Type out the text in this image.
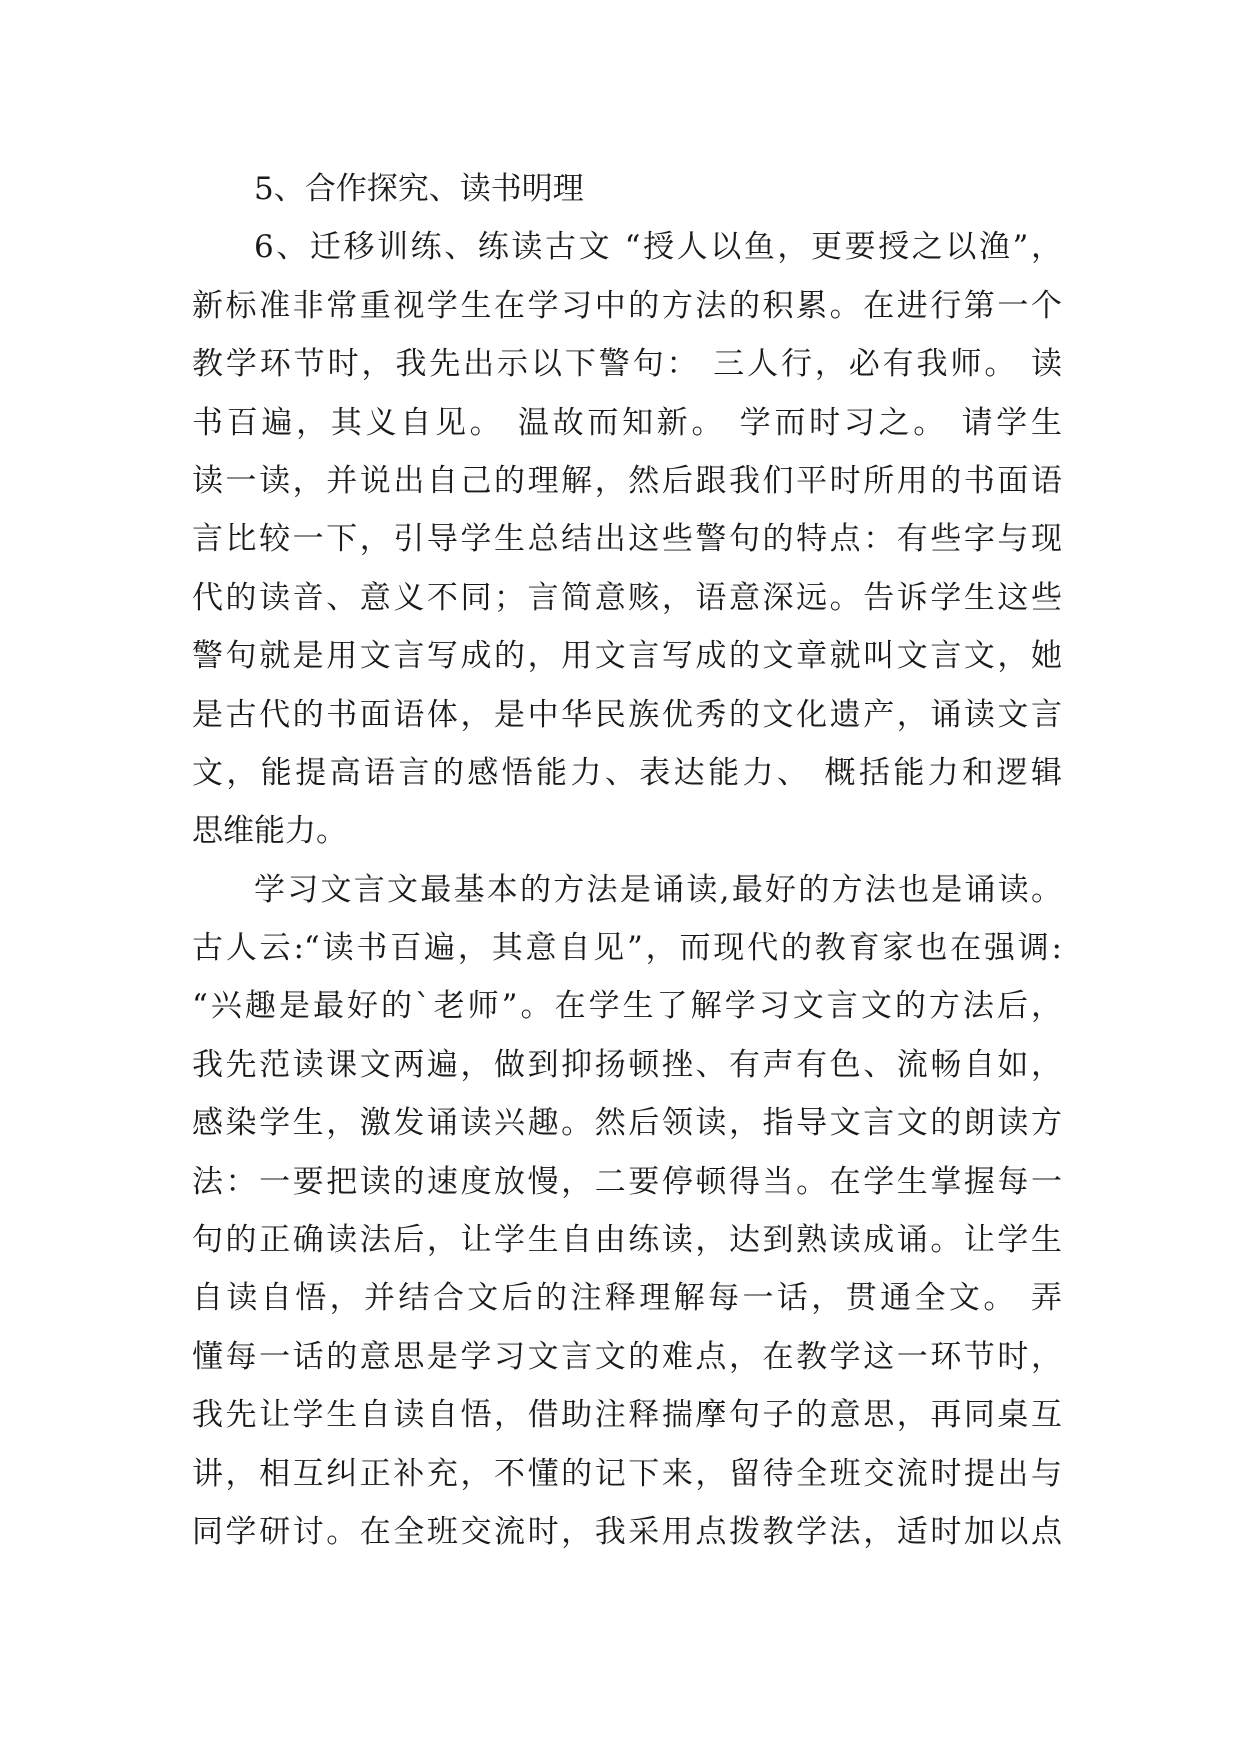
5、合作探究、读书明理
6、迁移训练、练读古文 “授人以鱼，更要授之以渔”，
新标准非常重视学生在学习中的方法的积累。在进行第一个
教学环节时，我先出示以下警句： 三人行，必有我师。 读
书百遍，其义自见。 温故而知新。 学而时习之。 请学生
读一读，并说出自己的理解，然后跟我们平时所用的书面语
言比较一下，引导学生总结出这些警句的特点：有些字与现
代的读音、意义不同；言简意赅，语意深远。告诉学生这些
警句就是用文言写成的，用文言写成的文章就叫文言文，她
是古代的书面语体，是中华民族优秀的文化遗产，诵读文言
文，能提高语言的感悟能力、表达能力、 概括能力和逻辑
思维能力。
学习文言文最基本的方法是诵读,最好的方法也是诵读。
古人云:“读书百遍，其意自见”，而现代的教育家也在强调:
“兴趣是最好的`老师”。在学生了解学习文言文的方法后，
我先范读课文两遍，做到抑扬顿挫、有声有色、流畅自如，
感染学生，激发诵读兴趣。然后领读，指导文言文的朗读方
法：一要把读的速度放慢，二要停顿得当。在学生掌握每一
句的正确读法后，让学生自由练读，达到熟读成诵。让学生
自读自悟，并结合文后的注释理解每一话，贯通全文。 弄
懂每一话的意思是学习文言文的难点，在教学这一环节时，
我先让学生自读自悟，借助注释揣摩句子的意思，再同桌互
讲，相互纠正补充，不懂的记下来，留待全班交流时提出与
同学研讨。在全班交流时，我采用点拨教学法，适时加以点
